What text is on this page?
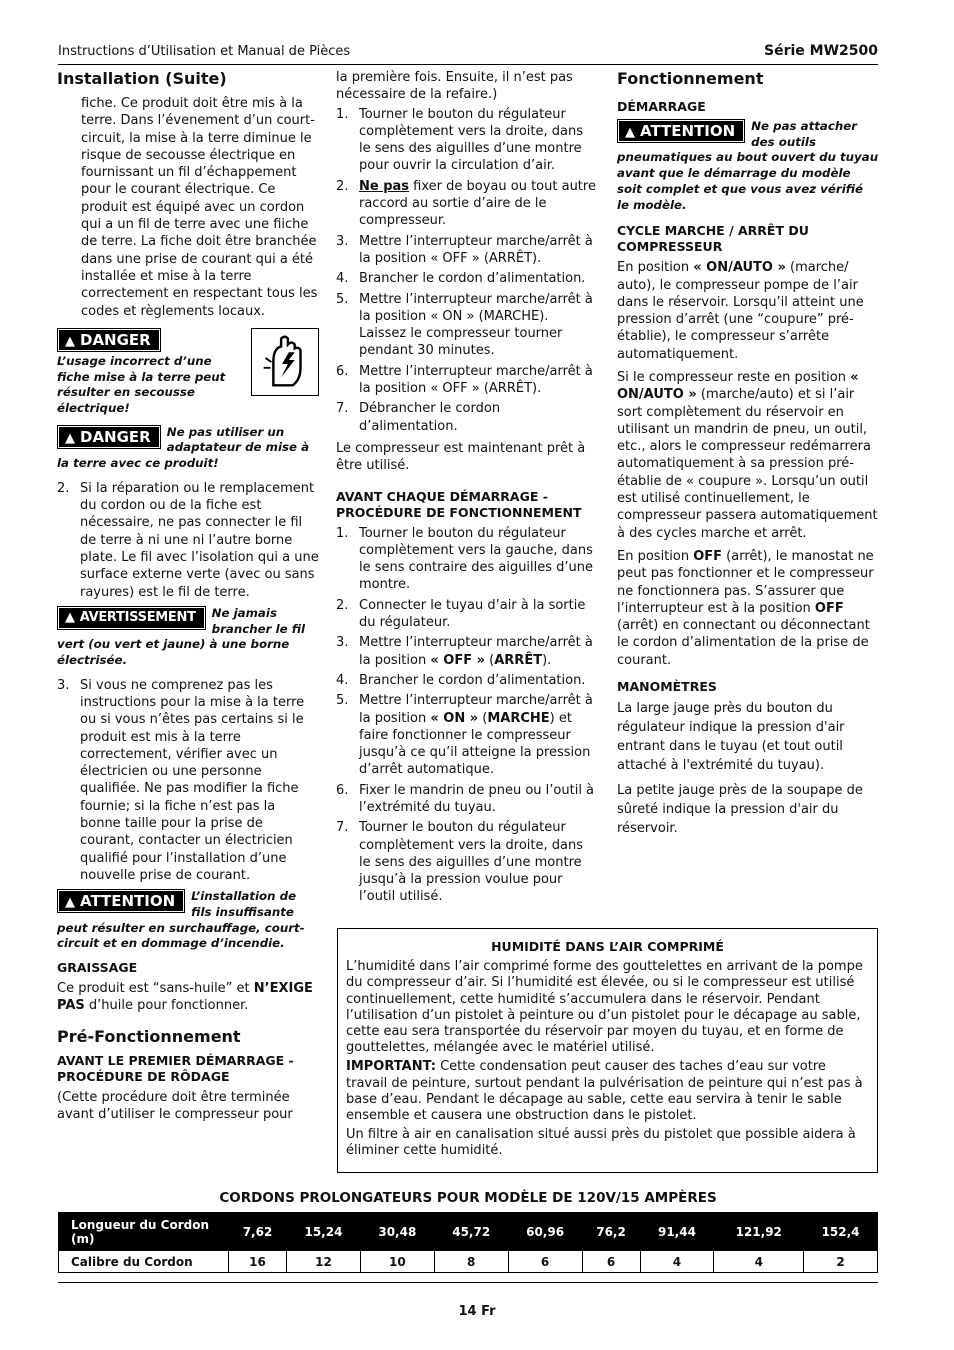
Instructions d’Utilisation et Manual de Pièces	Série MW2500
Installation (Suite)

fiche. Ce produit doit être mis à la terre. Dans l’évenement d’un court-circuit, la mise à la terre diminue le risque de secousse électrique en fournissant un fil d’échappement pour le courant électrique. Ce produit est équipé avec un cordon qui a un fil de terre avec une fiiche de terre. La fiche doit être branchée dans une prise de courant qui a été installée et mise à la terre correctement en respectant tous les codes et règlements locaux.

▲ DANGER
L’usage incorrect d’une fiche mise à la terre peut résulter en secousse électrique!
▲ DANGER	Ne pas utiliser un adaptateur de mise à la terre avec ce produit!
2. Si la réparation ou le remplacement du cordon ou de la fiche est nécessaire, ne pas connecter le fil de terre à ni une ni l’autre borne plate. Le fil avec l’isolation qui a une surface externe verte (avec ou sans rayures) est le fil de terre.
▲ AVERTISSEMENT	Ne jamais brancher le fil vert (ou vert et jaune) à une borne électrisée.
3. Si vous ne comprenez pas les instructions pour la mise à la terre ou si vous n’êtes pas certains si le produit est mis à la terre correctement, vérifier avec un électricien ou une personne qualifiée. Ne pas modifier la fiche fournie; si la fiche n’est pas la bonne taille pour la prise de courant, contacter un électricien qualifié pour l’installation d’une nouvelle prise de courant.
▲ ATTENTION	L’installation de fils insuffisante peut résulter en surchauffage, court-circuit et en dommage d’incendie.
GRAISSAGE

Ce produit est “sans-huile” et N’EXIGE PAS d’huile pour fonctionner.

Pré-Fonctionnement
AVANT LE PREMIER DÉMARRAGE - PROCÉDURE DE RÔDAGE

(Cette procédure doit être terminée avant d’utiliser le compresseur pour

la première fois. Ensuite, il n’est pas nécessaire de la refaire.)

1. Tourner le bouton du régulateur complètement vers la droite, dans le sens des aiguilles d’une montre pour ouvrir la circulation d’air.
2. Ne pas fixer de boyau ou tout autre raccord au sortie d’aire de le compresseur.
3. Mettre l’interrupteur marche/arrêt à la position « OFF » (ARRÊT).
4. Brancher le cordon d’alimentation.
5. Mettre l’interrupteur marche/arrêt à la position « ON » (MARCHE). Laissez le compresseur tourner pendant 30 minutes.
6. Mettre l’interrupteur marche/arrêt à la position « OFF » (ARRÊT).
7. Débrancher le cordon d’alimentation.

Le compresseur est maintenant prêt à être utilisé.

AVANT CHAQUE DÉMARRAGE - PROCÉDURE DE FONCTIONNEMENT
1. Tourner le bouton du régulateur complètement vers la gauche, dans le sens contraire des aiguilles d’une montre.
2. Connecter le tuyau d’air à la sortie du régulateur.
3. Mettre l’interrupteur marche/arrêt à la position « OFF » (ARRÊT).
4. Brancher le cordon d’alimentation.
5. Mettre l’interrupteur marche/arrêt à la position « ON » (MARCHE) et faire fonctionner le compresseur jusqu’à ce qu’il atteigne la pression d’arrêt automatique.
6. Fixer le mandrin de pneu ou l’outil à l’extrémité du tuyau.
7. Tourner le bouton du régulateur complètement vers la droite, dans le sens des aiguilles d’une montre jusqu’à la pression voulue pour l’outil utilisé.
Fonctionnement
DÉMARRAGE
▲ ATTENTION	Ne pas attacher des outils pneumatiques au bout ouvert du tuyau avant que le démarrage du modèle soit complet et que vous avez vérifié le modèle.
CYCLE MARCHE / ARRÊT DU COMPRESSEUR

En position « ON/AUTO » (marche/ auto), le compresseur pompe de l’air dans le réservoir. Lorsqu’il atteint une pression d’arrêt (une “coupure” pré-établie), le compresseur s’arrête automatiquement.

Si le compresseur reste en position « ON/AUTO » (marche/auto) et si l’air sort complètement du réservoir en utilisant un mandrin de pneu, un outil, etc., alors le compresseur redémarrera automatiquement à sa pression pré-établie de « coupure ». Lorsqu’un outil est utilisé continuellement, le compresseur passera automatiquement à des cycles marche et arrêt.

En position OFF (arrêt), le manostat ne peut pas fonctionner et le compresseur ne fonctionnera pas. S’assurer que l’interrupteur est à la position OFF (arrêt) en connectant ou déconnectant le cordon d’alimentation de la prise de courant.

MANOMÈTRES

La large jauge près du bouton du régulateur indique la pression d'air entrant dans le tuyau (et tout outil attaché à l'extrémité du tuyau).

La petite jauge près de la soupape de sûreté indique la pression d'air du réservoir.

HUMIDITÉ DANS L’AIR COMPRIMÉ

L’humidité dans l’air comprimé forme des gouttelettes en arrivant de la pompe du compresseur d’air. Si l’humidité est élevée, ou si le compresseur est utilisé continuellement, cette humidité s’accumulera dans le réservoir. Pendant l’utilisation d’un pistolet à peinture ou d’un pistolet pour le décapage au sable, cette eau sera transportée du réservoir par moyen du tuyau, et en forme de gouttelettes, mélangée avec le matériel utilisé.

IMPORTANT: Cette condensation peut causer des taches d’eau sur votre travail de peinture, surtout pendant la pulvérisation de peinture qui n’est pas à base d’eau. Pendant le décapage au sable, cette eau servira à tenir le sable ensemble et causera une obstruction dans le pistolet.

Un filtre à air en canalisation situé aussi près du pistolet que possible aidera à éliminer cette humidité.

CORDONS PROLONGATEURS POUR MODÈLE DE 120V/15 AMPÈRES
Longueur du Cordon (m)	7,62	15,24	30,48	45,72	60,96	76,2	91,44	121,92	152,4
Calibre du Cordon	16	12	10	8	6	6	4	4	2
14 Fr
